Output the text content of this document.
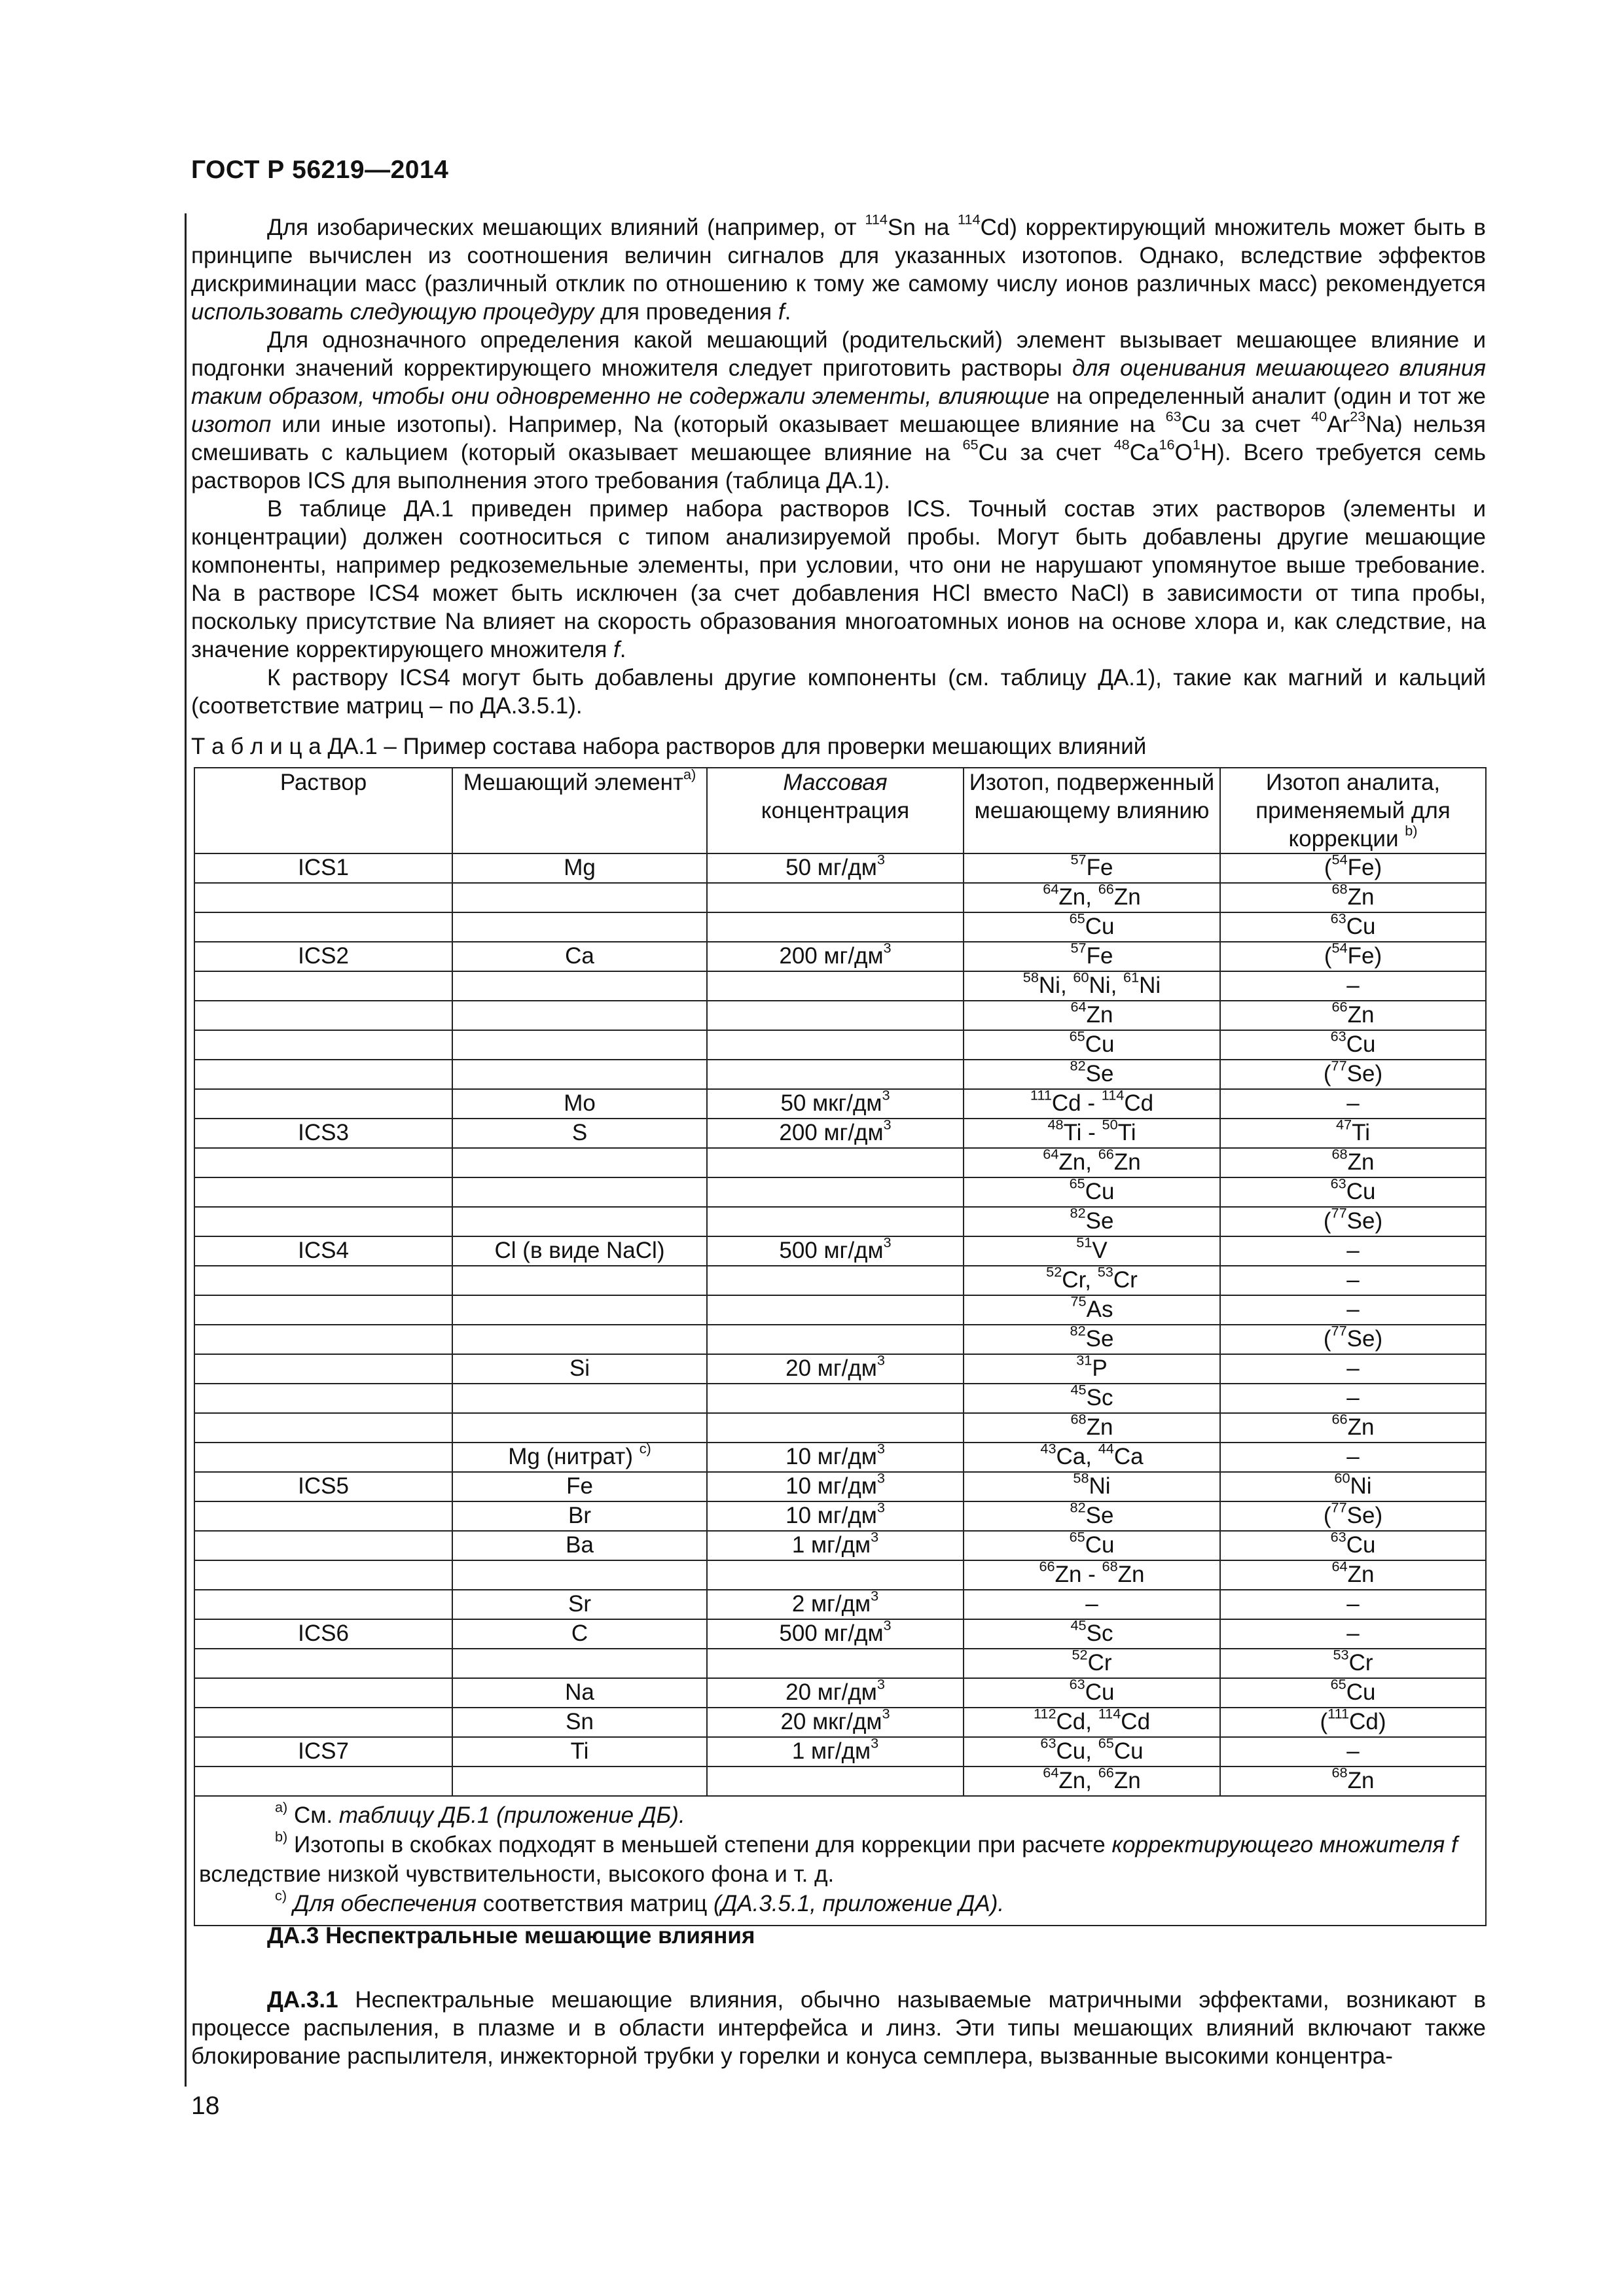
ГОСТ Р 56219—2014

Для изобарических мешающих влияний (например, от $^{114}$Sn на $^{114}$Cd) корректирующий множитель может быть в принципе вычислен из соотношения величин сигналов для указанных изотопов. Однако, вследствие эффектов дискриминации масс (различный отклик по отношению к тому же самому числу ионов различных масс) рекомендуется использовать следующую процедуру для проведения f.

Для однозначного определения какой мешающий (родительский) элемент вызывает мешающее влияние и подгонки значений корректирующего множителя следует приготовить растворы для оценивания мешающего влияния таким образом, чтобы они одновременно не содержали элементы, влияющие на определенный аналит (один и тот же изотоп или иные изотопы). Например, Na (который оказывает мешающее влияние на $^{63}$Cu за счет $^{40}$Ar$^{23}$Na) нельзя смешивать с кальцием (который оказывает мешающее влияние на $^{65}$Cu за счет $^{48}Ca^{16}O^1H$). Всего требуется семь растворов ICS для выполнения этого требования (таблица ДА.1).

В таблице ДА.1 приведен пример набора растворов ICS. Точный состав этих растворов (элементы и концентрации) должен соотноситься с типом анализируемой пробы. Могут быть добавлены другие мешающие компоненты, например редкоземельные элементы, при условии, что они не нарушают упомянутое выше требование. Na в растворе ICS4 может быть исключен (за счет добавления HCl вместо NaCl) в зависимости от типа пробы, поскольку присутствие Na влияет на скорость образования многоатомных ионов на основе хлора и, как следствие, на значение корректирующего множителя f.

К раствору ICS4 могут быть добавлены другие компоненты (см. таблицу ДА.1), такие как магний и кальций (соответствие матриц – по ДА.3.5.1).

Т а б л и ц а ДА.1 – Пример состава набора растворов для проверки мешающих влияний
Раствор	Мешающий элемент$^{a)}$	Массовая концентрация	Изотоп, подверженный мешающему влиянию	Изотоп аналита, применяемый для коррекции $^{b)}$
ICS1	Mg	50 $мг/дм^3$	$^{57}$Fe	($^{54}$Fe)
			$^{64}$Zn, $^{66}$Zn	$^{68}$Zn
			$^{65}$Cu	$^{63}$Cu
ICS2	Ca	200 $мг/дм^3$	$^{57}$Fe	($^{54}$Fe)
			$^{58}$Ni, $^{60}$Ni, $^{61}$Ni	–
			$^{64}$Zn	$^{66}$Zn
			$^{65}$Cu	$^{63}$Cu
			$^{82}$Se	($^{77}$Se)
	Mo	50 мкг/$дм^3$	$^{111}$Cd - $^{114}$Cd	–
ICS3	S	200 $мг/дм^3$	$^{48}$Ti - $^{50}$Ti	$^{47}$Ti
			$^{64}$Zn, $^{66}$Zn	$^{68}$Zn
			$^{65}$Cu	$^{63}$Cu
			$^{82}$Se	($^{77}$Se)
ICS4	Cl (в виде NaCl)	500 $мг/дм^3$	$^{51}$V	–
			$^{52}$Cr, $^{53}$Cr	–
			$^{75}$As	–
			$^{82}$Se	($^{77}$Se)
	Si	20 $мг/дм^3$	$^{31}$P	–
			$^{45}$Sc	–
			$^{68}$Zn	$^{66}$Zn
	Mg (нитрат) $^{c)}$	10 $мг/дм^3$	$^{43}$Ca, $^{44}$Ca	–
ICS5	Fe	10 $мг/дм^3$	$^{58}$Ni	$^{60}$Ni
	Br	10 $мг/дм^3$	$^{82}$Se	($^{77}$Se)
	Ba	1 $мг/дм^3$	$^{65}$Cu	$^{63}$Cu
			$^{66}$Zn - $^{68}$Zn	$^{64}$Zn
	Sr	2 $мг/дм^3$	–	–
ICS6	C	500 $мг/дм^3$	$^{45}$Sc	–
			$^{52}$Cr	$^{53}$Cr
	Na	20 $мг/дм^3$	$^{63}$Cu	$^{65}$Cu
	Sn	20 мкг/$дм^3$	$^{112}$Cd, $^{114}$Cd	($^{111}$Cd)
ICS7	Ti	1 $мг/дм^3$	$^{63}$Cu, $^{65}$Cu	–
			$^{64}$Zn, $^{66}$Zn	$^{68}$Zn

$^{a)}$ См. таблицу ДБ.1 (приложение ДБ).
$^{b)}$ Изотопы в скобках подходят в меньшей степени для коррекции при расчете корректирующего множителя f вследствие низкой чувствительности, высокого фона и т. д.
$^{c)}$ Для обеспечения соответствия матриц (ДА.3.5.1, приложение ДА).				
ДА.3 Неспектральные мешающие влияния

ДА.3.1 Неспектральные мешающие влияния, обычно называемые матричными эффектами, возникают в процессе распыления, в плазме и в области интерфейса и линз. Эти типы мешающих влияний включают также блокирование распылителя, инжекторной трубки у горелки и конуса семплера, вызванные высокими концентра-

18
